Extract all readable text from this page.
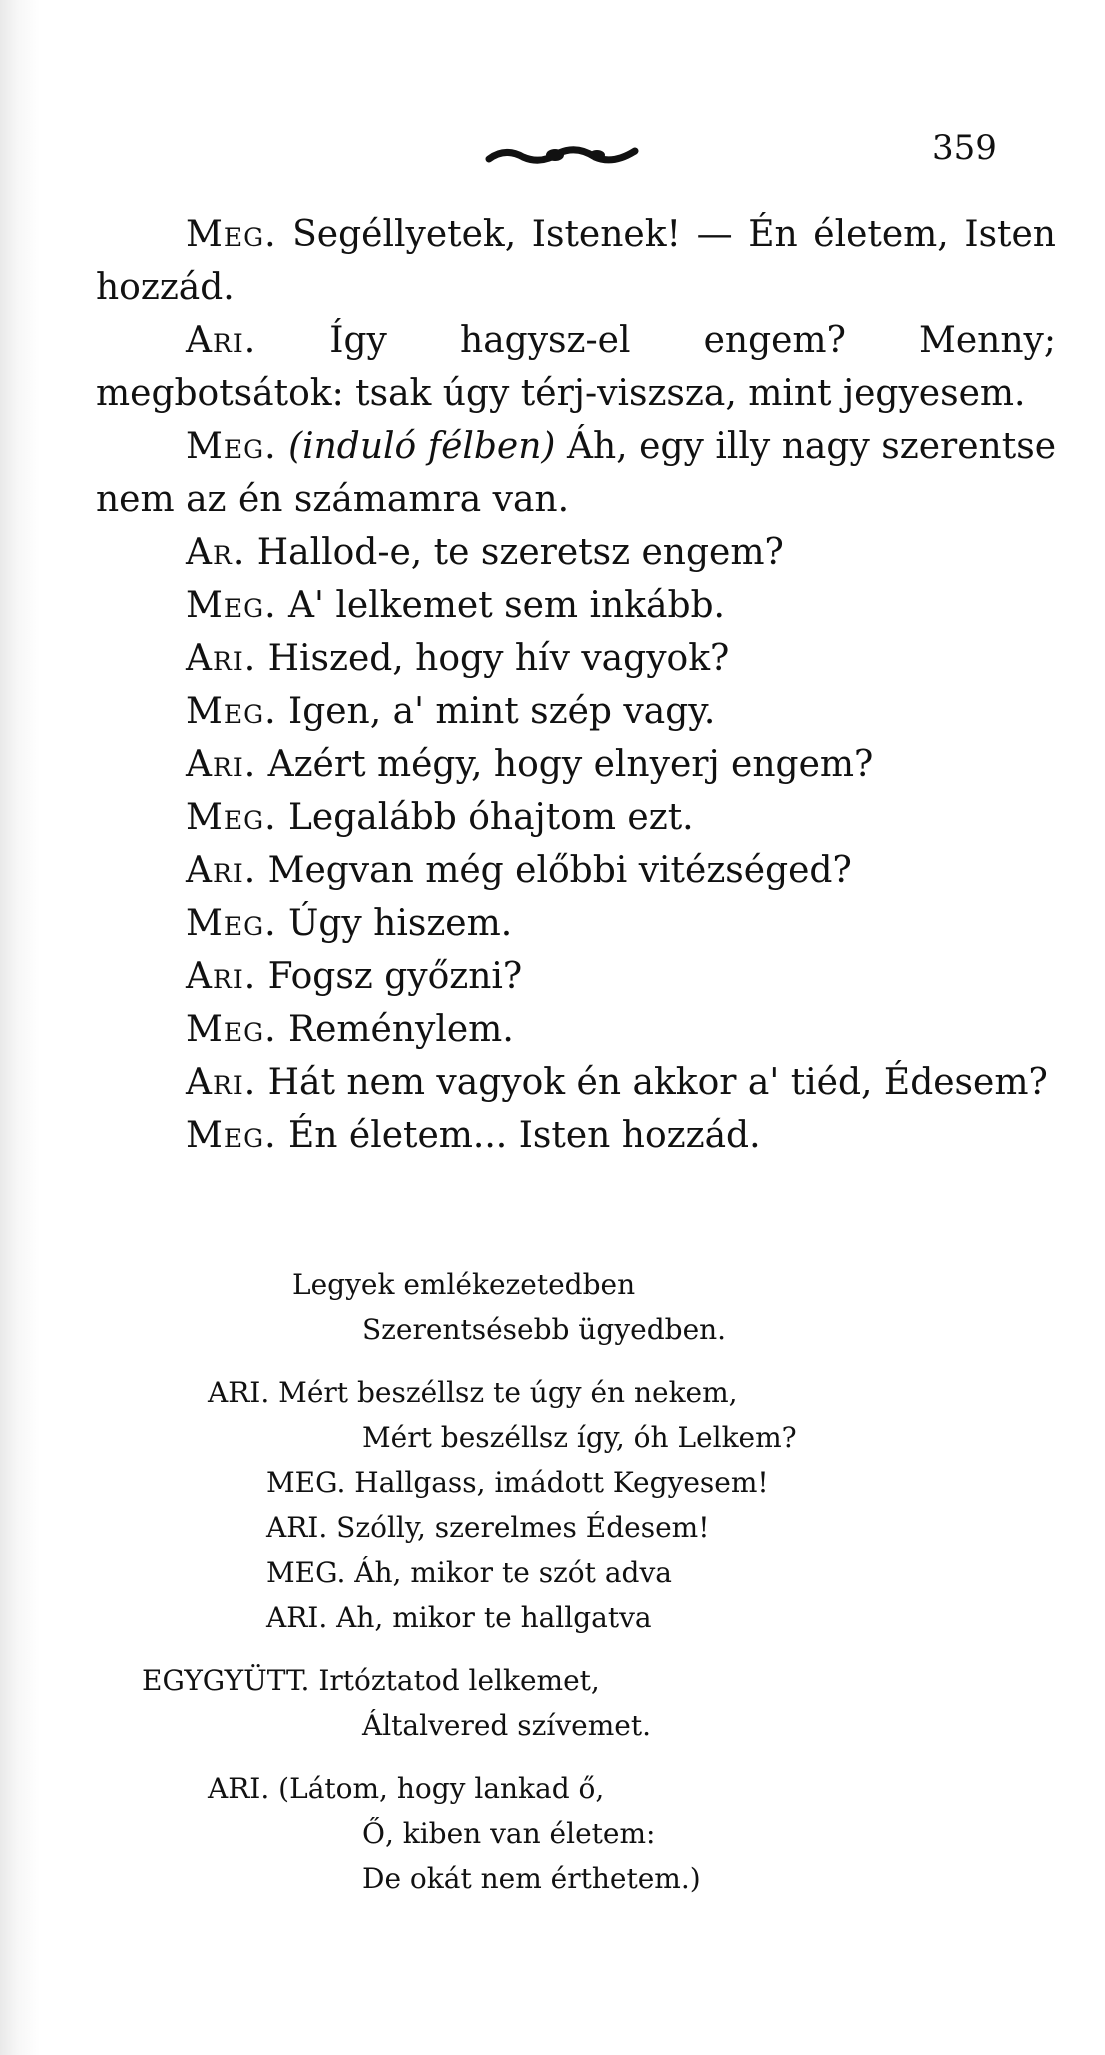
359

Meg. Segéllyetek, Istenek! — Én életem, Isten hozzád.

Ari. Így hagysz-el engem? Menny; megbotsátok: tsak úgy térj-viszsza, mint jegyesem.

Meg. (induló félben) Áh, egy illy nagy szerentse nem az én számamra van.

Ar. Hallod-e, te szeretsz engem?

Meg. A' lelkemet sem inkább.

Ari. Hiszed, hogy hív vagyok?

Meg. Igen, a' mint szép vagy.

Ari. Azért mégy, hogy elnyerj engem?

Meg. Legalább óhajtom ezt.

Ari. Megvan még előbbi vitézséged?

Meg. Úgy hiszem.

Ari. Fogsz győzni?

Meg. Reménylem.

Ari. Hát nem vagyok én akkor a' tiéd, Édesem?

Meg. Én életem... Isten hozzád.

Legyek emlékezetedben
Szerentsésebb ügyedben.
ARI. Mért beszéllsz te úgy én nekem,
Mért beszéllsz így, óh Lelkem?
MEG. Hallgass, imádott Kegyesem!
ARI. Szólly, szerelmes Édesem!
MEG. Áh, mikor te szót adva
ARI. Ah, mikor te hallgatva
EGYGYÜTT. Irtóztatod lelkemet,
Általvered szívemet.
ARI. (Látom, hogy lankad ő,
Ő, kiben van életem:
De okát nem érthetem.)
